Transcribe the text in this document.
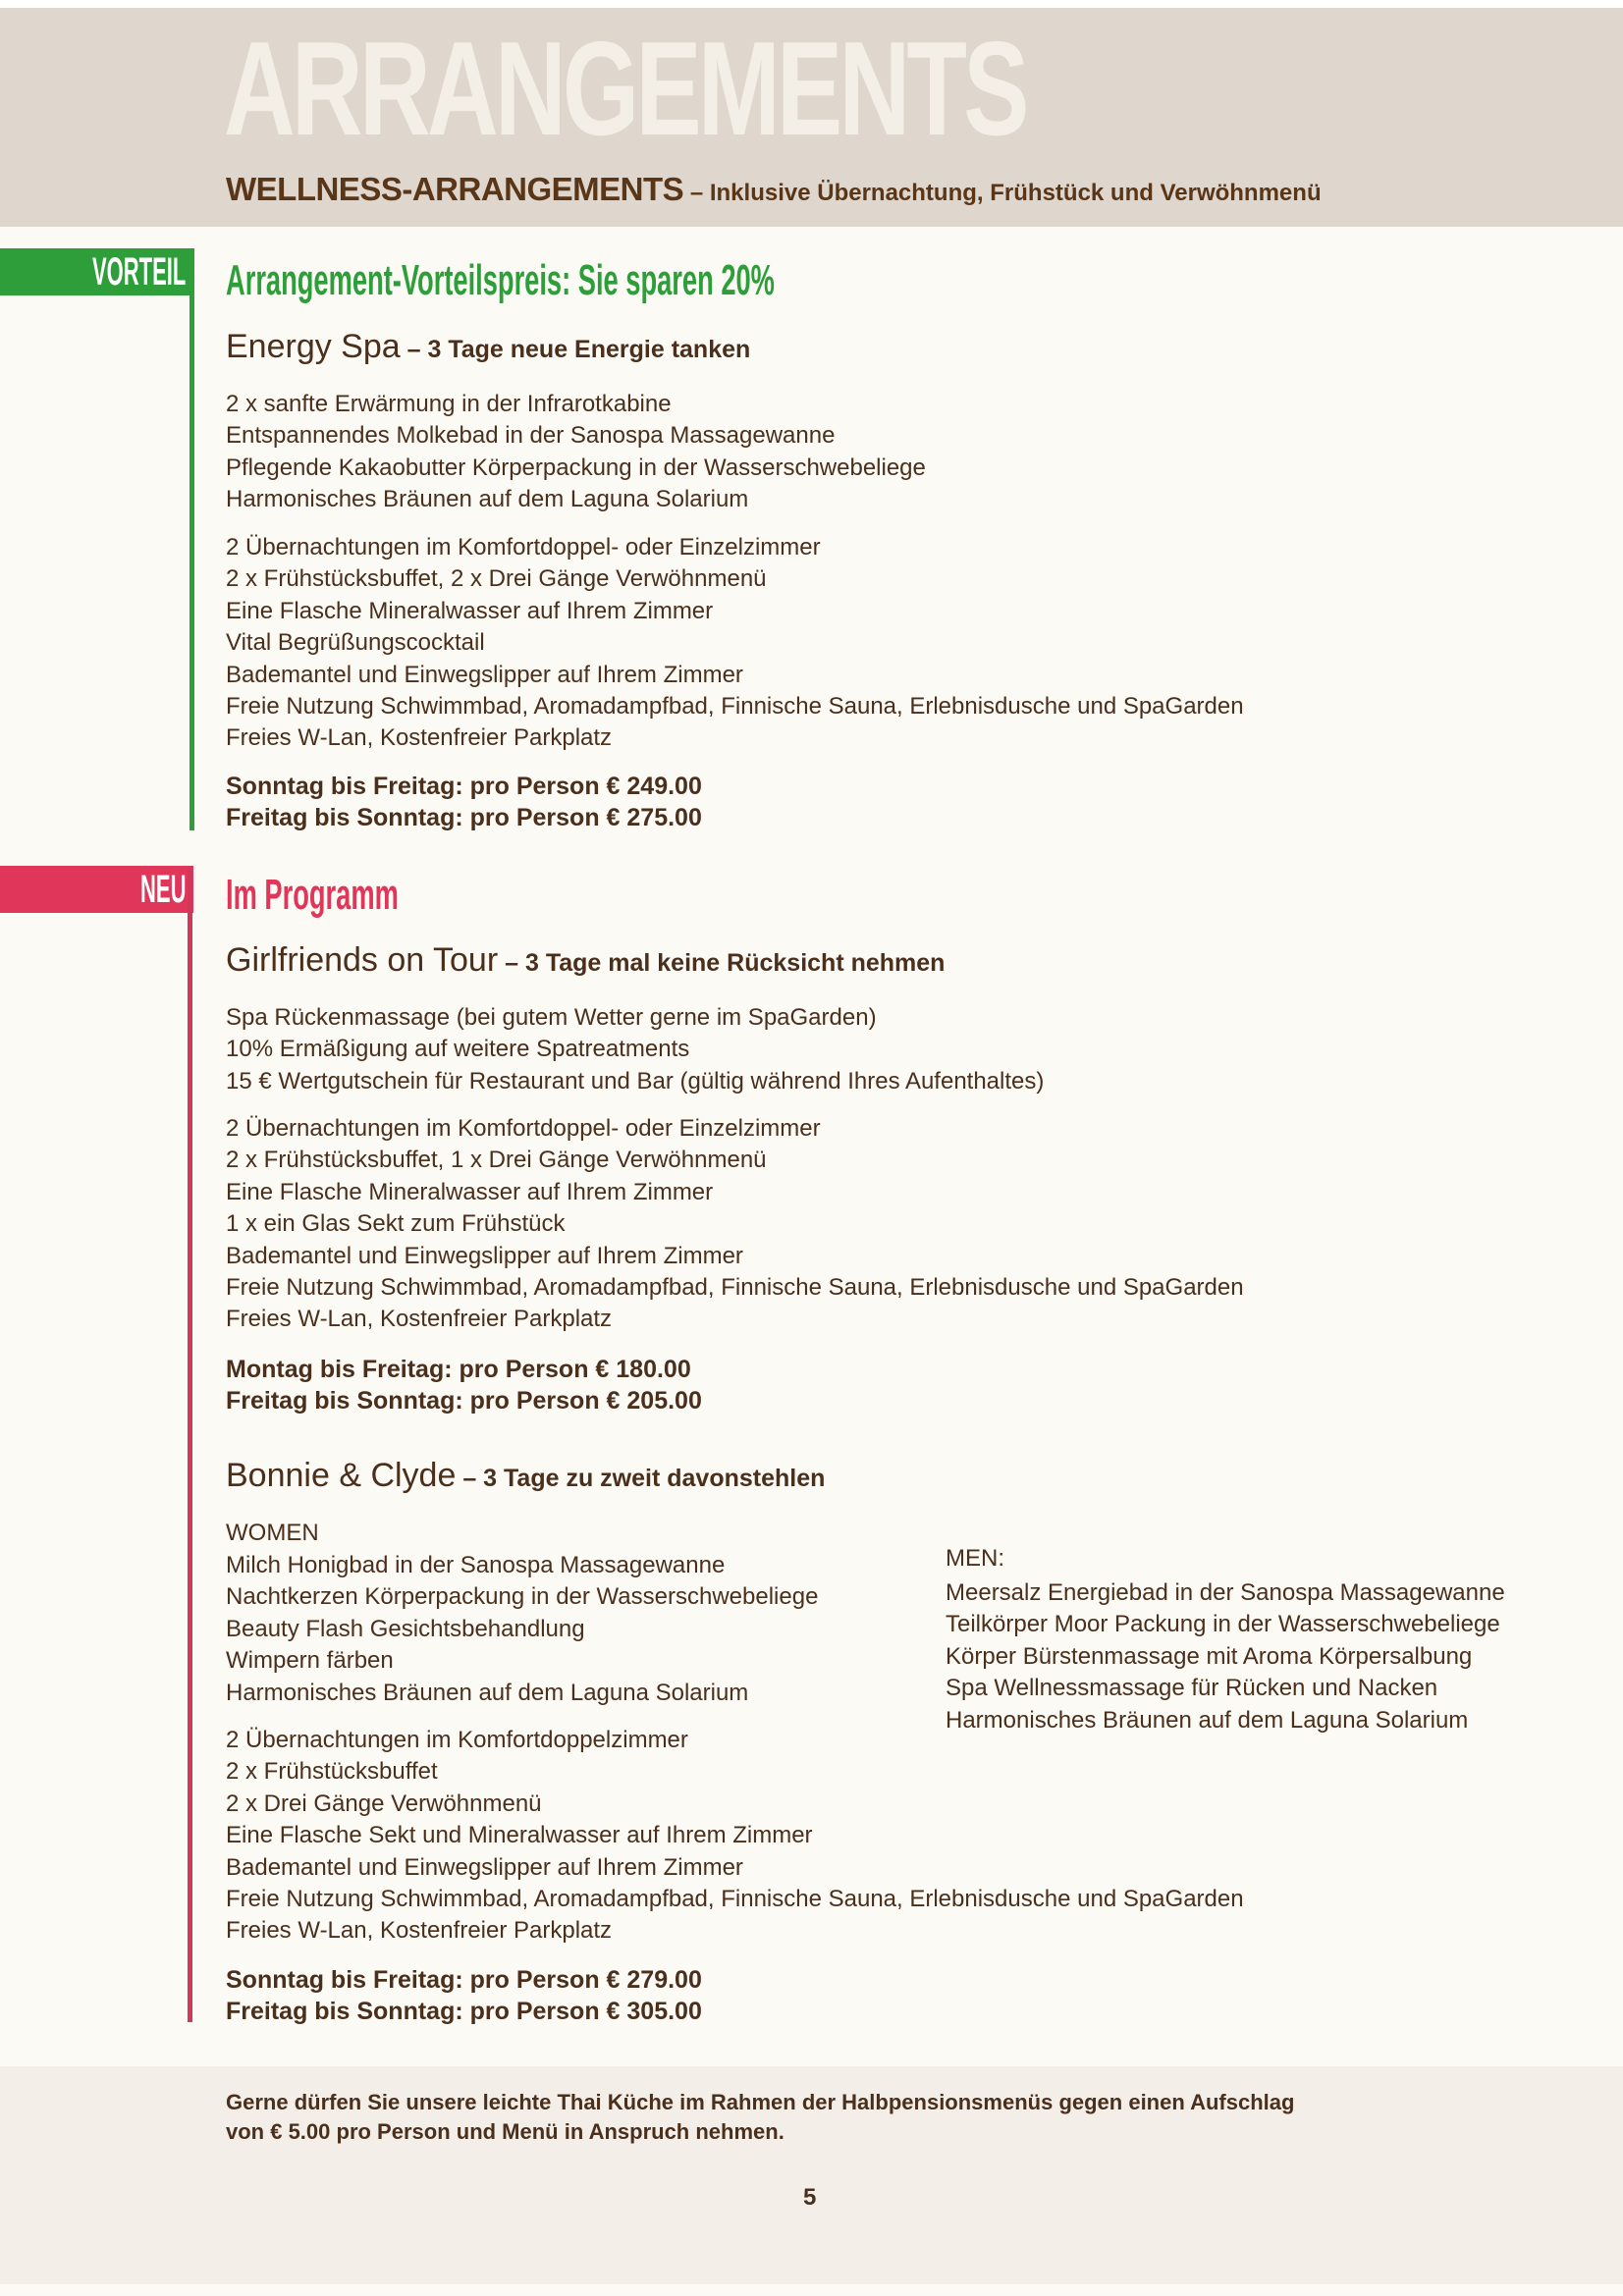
ARRANGEMENTS
WELLNESS-ARRANGEMENTS – Inklusive Übernachtung, Frühstück und Verwöhnmenü
VORTEIL Arrangement-Vorteilspreis: Sie sparen 20%
Energy Spa – 3 Tage neue Energie tanken
2 x sanfte Erwärmung in der Infrarotkabine
Entspannendes Molkebad in der Sanospa Massagewanne
Pflegende Kakaobutter Körperpackung in der Wasserschwebeliege
Harmonisches Bräunen auf dem Laguna Solarium
2 Übernachtungen im Komfortdoppel- oder Einzelzimmer
2 x Frühstücksbuffet, 2 x Drei Gänge Verwöhnmenü
Eine Flasche Mineralwasser auf Ihrem Zimmer
Vital Begrüßungscocktail
Bademantel und Einwegslipper auf Ihrem Zimmer
Freie Nutzung Schwimmbad, Aromadampfbad, Finnische Sauna, Erlebnisdusche und SpaGarden
Freies W-Lan, Kostenfreier Parkplatz
Sonntag bis Freitag: pro Person € 249.00
Freitag bis Sonntag: pro Person € 275.00
NEU Im Programm
Girlfriends on Tour – 3 Tage mal keine Rücksicht nehmen
Spa Rückenmassage (bei gutem Wetter gerne im SpaGarden)
10% Ermäßigung auf weitere Spatreatments
15 € Wertgutschein für Restaurant und Bar (gültig während Ihres Aufenthaltes)
2 Übernachtungen im Komfortdoppel- oder Einzelzimmer
2 x Frühstücksbuffet, 1 x Drei Gänge Verwöhnmenü
Eine Flasche Mineralwasser auf Ihrem Zimmer
1 x ein Glas Sekt zum Frühstück
Bademantel und Einwegslipper auf Ihrem Zimmer
Freie Nutzung Schwimmbad, Aromadampfbad, Finnische Sauna, Erlebnisdusche und SpaGarden
Freies W-Lan, Kostenfreier Parkplatz
Montag bis Freitag: pro Person € 180.00
Freitag bis Sonntag: pro Person € 205.00
Bonnie & Clyde – 3 Tage zu zweit davonstehlen
WOMEN
Milch Honigbad in der Sanospa Massagewanne
Nachtkerzen Körperpackung in der Wasserschwebeliege
Beauty Flash Gesichtsbehandlung
Wimpern färben
Harmonisches Bräunen auf dem Laguna Solarium
MEN:
Meersalz Energiebad in der Sanospa Massagewanne
Teilkörper Moor Packung in der Wasserschwebeliege
Körper Bürstenmassage mit Aroma Körpersalbung
Spa Wellnessmassage für Rücken und Nacken
Harmonisches Bräunen auf dem Laguna Solarium
2 Übernachtungen im Komfortdoppelzimmer
2 x Frühstücksbuffet
2 x Drei Gänge Verwöhnmenü
Eine Flasche Sekt und Mineralwasser auf Ihrem Zimmer
Bademantel und Einwegslipper auf Ihrem Zimmer
Freie Nutzung Schwimmbad, Aromadampfbad, Finnische Sauna, Erlebnisdusche und SpaGarden
Freies W-Lan, Kostenfreier Parkplatz
Sonntag bis Freitag: pro Person € 279.00
Freitag bis Sonntag: pro Person € 305.00
Gerne dürfen Sie unsere leichte Thai Küche im Rahmen der Halbpensionsmenüs gegen einen Aufschlag
von € 5.00 pro Person und Menü in Anspruch nehmen.
5
